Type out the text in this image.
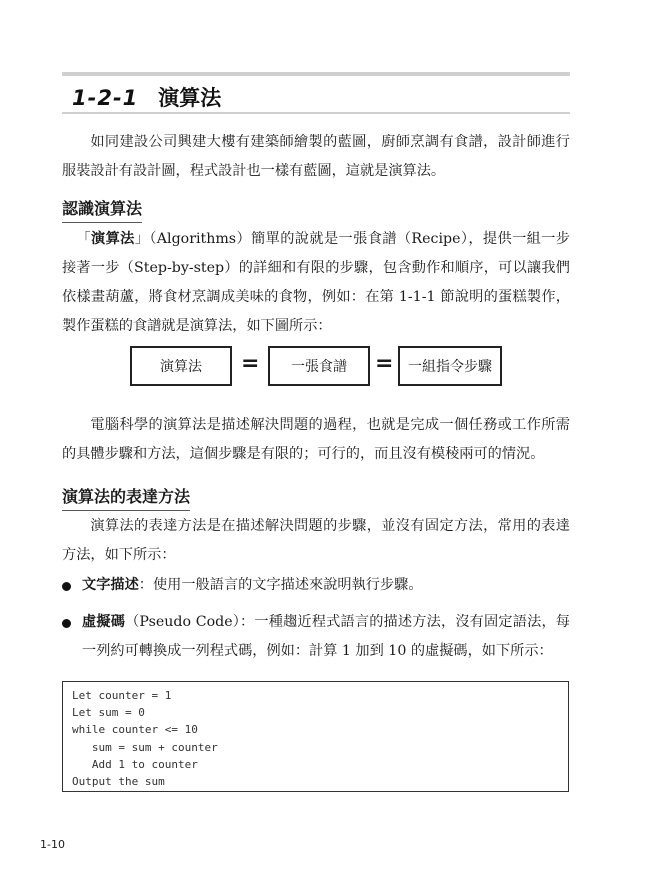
1-2-1 演算法

如同建設公司興建大樓有建築師繪製的藍圖，廚師烹調有食譜，設計師進行服裝設計有設計圖，程式設計也一樣有藍圖，這就是演算法。

認識演算法

「演算法」（Algorithms）簡單的說就是一張食譜（Recipe），提供一組一步接著一步（Step-by-step）的詳細和有限的步驟，包含動作和順序，可以讓我們依樣畫葫蘆，將食材烹調成美味的食物，例如：在第 1-1-1 節說明的蛋糕製作，製作蛋糕的食譜就是演算法，如下圖所示：

演算法	=	一張食譜	=	一組指令步驟

電腦科學的演算法是描述解決問題的過程，也就是完成一個任務或工作所需的具體步驟和方法，這個步驟是有限的；可行的，而且沒有模稜兩可的情況。

演算法的表達方法

演算法的表達方法是在描述解決問題的步驟，並沒有固定方法，常用的表達方法，如下所示：

文字描述：使用一般語言的文字描述來說明執行步驟。
虛擬碼（Pseudo Code）：一種趨近程式語言的描述方法，沒有固定語法，每一列約可轉換成一列程式碼，例如：計算 1 加到 10 的虛擬碼，如下所示：
Let counter = 1
Let sum = 0
while counter <= 10
sum = sum + counter
Add 1 to counter
Output the sum
1-10
